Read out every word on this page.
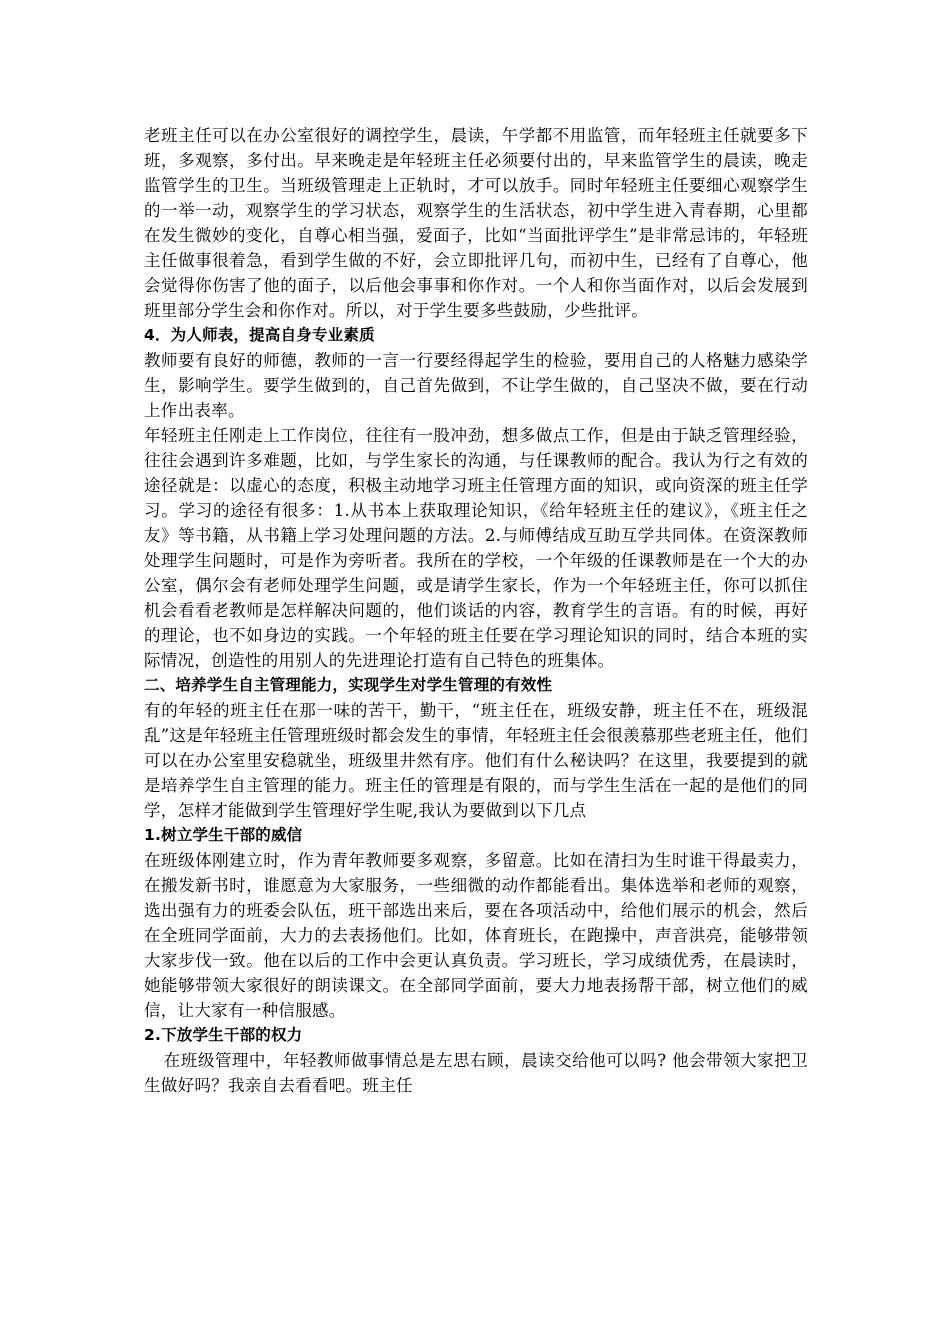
老班主任可以在办公室很好的调控学生，晨读，午学都不用监管，而年轻班主任就要多下班，多观察，多付出。早来晚走是年轻班主任必须要付出的，早来监管学生的晨读，晚走监管学生的卫生。当班级管理走上正轨时，才可以放手。同时年轻班主任要细心观察学生的一举一动，观察学生的学习状态，观察学生的生活状态，初中学生进入青春期，心里都在发生微妙的变化，自尊心相当强，爱面子，比如“当面批评学生”是非常忌讳的，年轻班主任做事很着急，看到学生做的不好，会立即批评几句，而初中生，已经有了自尊心，他会觉得你伤害了他的面子，以后他会事事和你作对。一个人和你当面作对，以后会发展到班里部分学生会和你作对。所以，对于学生要多些鼓励，少些批评。

4．为人师表，提高自身专业素质

教师要有良好的师德，教师的一言一行要经得起学生的检验，要用自己的人格魅力感染学生，影响学生。要学生做到的，自己首先做到，不让学生做的，自己坚决不做，要在行动上作出表率。

年轻班主任刚走上工作岗位，往往有一股冲劲，想多做点工作，但是由于缺乏管理经验，往往会遇到许多难题，比如，与学生家长的沟通，与任课教师的配合。我认为行之有效的途径就是：以虚心的态度，积极主动地学习班主任管理方面的知识，或向资深的班主任学习。学习的途径有很多：1.从书本上获取理论知识，《给年轻班主任的建议》，《班主任之友》等书籍，从书籍上学习处理问题的方法。2.与师傅结成互助互学共同体。在资深教师处理学生问题时，可是作为旁听者。我所在的学校，一个年级的任课教师是在一个大的办公室，偶尔会有老师处理学生问题，或是请学生家长，作为一个年轻班主任，你可以抓住机会看看老教师是怎样解决问题的，他们谈话的内容，教育学生的言语。有的时候，再好的理论，也不如身边的实践。一个年轻的班主任要在学习理论知识的同时，结合本班的实际情况，创造性的用别人的先进理论打造有自己特色的班集体。

二、培养学生自主管理能力，实现学生对学生管理的有效性

有的年轻的班主任在那一味的苦干，勤干，“班主任在，班级安静，班主任不在，班级混乱”这是年轻班主任管理班级时都会发生的事情，年轻班主任会很羡慕那些老班主任，他们可以在办公室里安稳就坐，班级里井然有序。他们有什么秘诀吗？在这里，我要提到的就是培养学生自主管理的能力。班主任的管理是有限的，而与学生生活在一起的是他们的同学，怎样才能做到学生管理好学生呢,我认为要做到以下几点

1.树立学生干部的威信

在班级体刚建立时，作为青年教师要多观察，多留意。比如在清扫为生时谁干得最卖力，在搬发新书时，谁愿意为大家服务，一些细微的动作都能看出。集体选举和老师的观察，选出强有力的班委会队伍，班干部选出来后，要在各项活动中，给他们展示的机会，然后在全班同学面前，大力的去表扬他们。比如，体育班长，在跑操中，声音洪亮，能够带领大家步伐一致。他在以后的工作中会更认真负责。学习班长，学习成绩优秀，在晨读时，她能够带领大家很好的朗读课文。在全部同学面前，要大力地表扬帮干部，树立他们的威信，让大家有一种信服感。

2.下放学生干部的权力

在班级管理中，年轻教师做事情总是左思右顾，晨读交给他可以吗? 他会带领大家把卫生做好吗？我亲自去看看吧。班主任
